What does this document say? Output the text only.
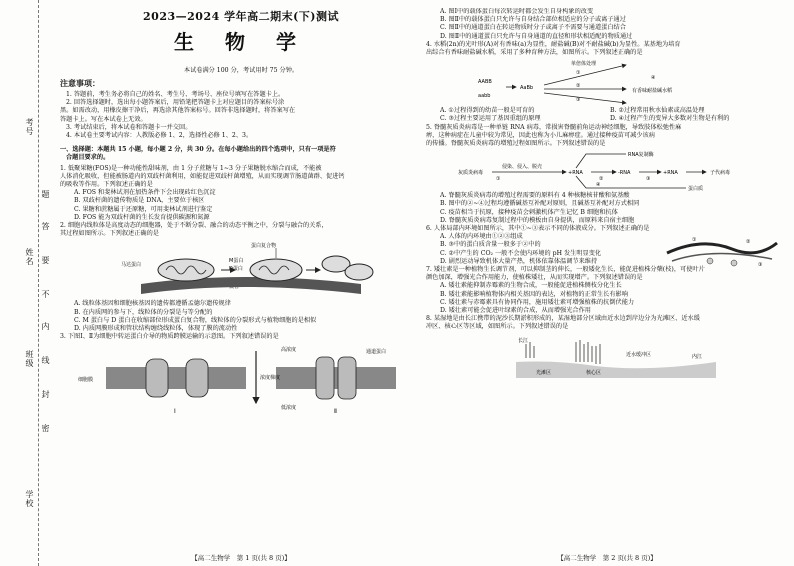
考号
姓名
班级
学校
题
答
要
不
内
线
封
密
2023—2024 学年高二期末(下)测试
生 物 学
本试卷满分 100 分，考试用时 75 分钟。
注意事项：

1. 答题前，考生务必将自己的姓名、考生号、考场号、座位号填写在答题卡上。

2. 回答选择题时，选出每小题答案后，用铅笔把答题卡上对应题目的答案标号涂

黑。如需改动，用橡皮擦干净后，再选涂其他答案标号。回答非选择题时，将答案写在

答题卡上。写在本试卷上无效。

3. 考试结束后，将本试卷和答题卡一并交回。

4. 本试卷主要考试内容：人教版必修 1、2，选择性必修 1、2、3。

一、选择题：本题共 15 小题，每小题 2 分，共 30 分。在每小题给出的四个选项中，只有一项是符

合题目要求的。

1. 低聚果糖(FOS)是一种功能性甜味剂，由 1 分子蔗糖与 1~3 分子果糖脱水缩合而成，不能被

人体消化吸收，但能被肠道内的双歧杆菌利用，如能促进双歧杆菌增殖，从而实现调节肠道菌群、促进钙

的吸收等作用。下列叙述正确的是

A. FOS 和斐林试剂在加热条件下会出现砖红色沉淀

B. 双歧杆菌的遗传物质是 DNA，主要位于核区

C. 果糖和蔗糖属于还原糖，可用斐林试剂进行鉴定

D. FOS 能为双歧杆菌的生长发育提供碳源和氮源

2. 细胞内线粒体是高度动态的细胞器，处于不断分裂、融合的动态平衡之中，分裂与融合的关系，

其过程如图所示。下列叙述正确的是

蛋白复合物
马达蛋白
M蛋白
D蛋白

A. 线粒体基因和细胞核基因的遗传都遵循孟德尔遗传规律

B. 在内质网的参与下，线粒体的分裂是与等分配的

C. M 蛋白与 D 蛋白在收缩部位形成蛋白复合物，线粒体的分裂形式与植物细胞的是相似

D. 内质网膜形成和管状结构缠绕线粒体，体现了膜的流动性

3. 下图Ⅰ、Ⅱ为细胞中转运蛋白介导的物质跨膜运输的示意图。下列叙述错误的是

细胞膜	浓度梯度
高浓度
低浓度
通道蛋白
Ⅰ	Ⅱ
【高二生物学　第 1 页(共 8 页)】

A. 图Ⅰ中的载体蛋白每次转运时都会发生自身构象的改变

B. 图Ⅱ中的载体蛋白只允许与自身结合部位相适应的分子或离子通过

C. 图Ⅱ中的通道蛋白在转运物质时分子或离子不需要与通道蛋白结合

D. 图Ⅱ中的通道蛋白只允许与自身通道的直径和形状相适配的物质通过

4. 水稻(2n)的光叶形(A)对有香味(a)为显性，耐盐碱(B)对不耐盐碱(b)为显性。某基地为培育

出综合有香味耐盐碱水稻，采用了多种育种方法，如图所示。下列叙述正确的是

AABB
aabb
AaBb
单倍体处理
①
②
③
④
有香味耐盐碱水稻

A. ①过程得到的幼苗一般是可育的	B. ②过程常用秋水仙素或高温处理

C. ③过程主要运用了基因重组的原理	D. ④过程产生的变异大多数对生物是有利的

5. 脊髓灰质炎病毒是一种单链 RNA 病毒，常损害脊髓前角运动神经细胞，导致肢体松弛性麻

痹，这种病症在儿童中较为常见，因此也称为小儿麻痹症。通过接种疫苗可减少该病

的传播。脊髓灰质炎病毒的增殖过程如图所示。下列叙述错误的是

灰质炎病毒
侵染、侵入、脱壳
①
+RNA
②
-RNA
③
+RNA	子代病毒
RNA复制酶
④
蛋白质

A. 脊髓灰质炎病毒的增殖过程需要的原料有 4 种核糖核苷酸和氨基酸

B. 图中的②~④过程均遵循碱基互补配对原则，且碱基互补配对方式相同

C. 疫苗相当于抗原，接种疫苗会刺激机体产生记忆 B 细胞和抗体

D. 脊髓灰质炎病毒复制过程中的模板由自身提供，而原料来自宿主细胞

6. 人体局部内环境如图所示，其中①~③表示不同的体液成分。下列叙述正确的是

A. 人体的内环境由①②③组成

B. ③中的蛋白质含量一般多于②中的

C. ②中产生的 CO₂ 一般不会使内环境的 pH 发生明显变化

D. 剧烈运动导致机体大量产热，机体依靠体温调节来维持

①	②
③

7. 矮壮素是一种植物生长调节剂，可以抑制茎的伸长，一般矮化生长，能促进植株分蘖(枝)，可使叶片

颜色加深，增强光合作用能力，使植株矮壮，从而实现增产。下列叙述错误的是

A. 矮壮素能抑制赤霉素的生物合成，一般能促进植株侧枝分化生长

B. 矮壮素能影响植物体内相关基因的表达，对植物的正常生长有影响

C. 矮壮素与赤霉素具有协同作用，施用矮壮素可增强植株的抗倒伏能力

D. 矮壮素可能会促进叶绿素的合成，从而增强光合作用

8. 某湿地是由长江携带的泥沙长期淤积形成的，某湿地部分区域由近水边到岸边分为光滩区、近水缓

冲区、核心区等区域，如图所示。下列叙述错误的是

长江
光滩区	核心区
近水缓冲区	内江
【高二生物学　第 2 页(共 8 页)】
